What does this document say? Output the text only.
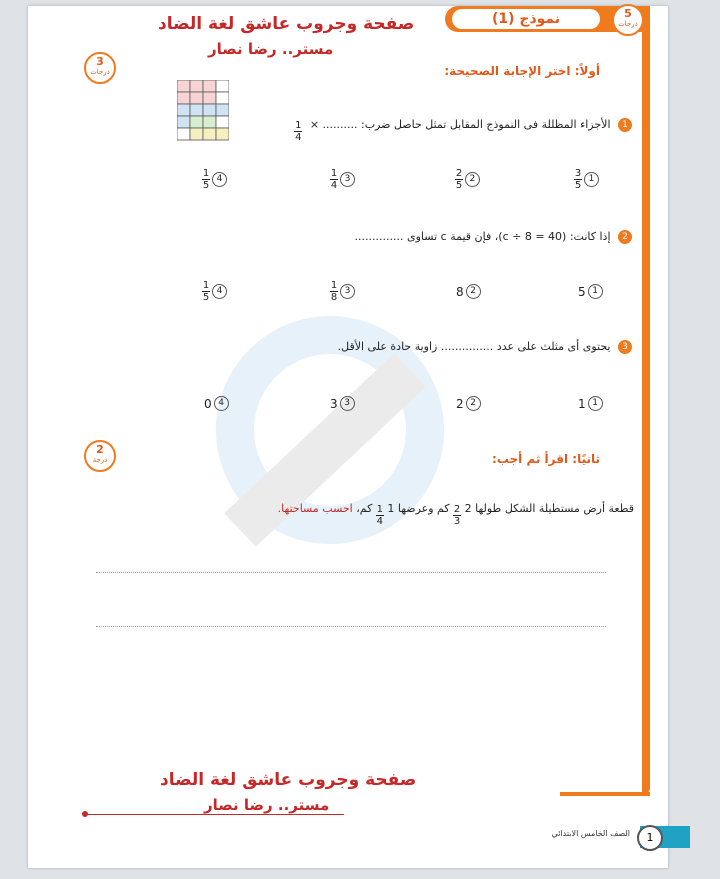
نموذج (1)	5
درجات
صفحة وجروب عاشق لغة الضاد
مستر.. رضا نصار
3
درجات	أولاً: اختر الإجابة الصحيحة:
1 الأجزاء المظللة فى النموذج المقابل تمثل حاصل ضرب: .......... ×
$\frac{1}{4}$
$\frac{3}{5} 1$
$\frac{2}{5} 2$
$\frac{1}{4} 3$
$\frac{1}{5} 4$
2 إذا كانت: (40 = c ÷ 8)، فإن قيمة c تساوى ..............
5 1
8 2
$\frac{1}{8} 3$
$\frac{1}{5} 4$
3 يحتوى أى مثلث على عدد ............... زاوية حادة على الأقل.
1 1
2 2
3 3
0 4
2
درجة	ثانيًا: اقرأ ثم أجب:
قطعة أرض مستطيلة الشكل طولها 2
$\frac{2}{3}$
كم وعرضها 1
$\frac{1}{4}$
كم، احسب مساحتها.
صفحة وجروب عاشق لغة الضاد
مستر.. رضا نصار
1
الصف الخامس الابتدائي
